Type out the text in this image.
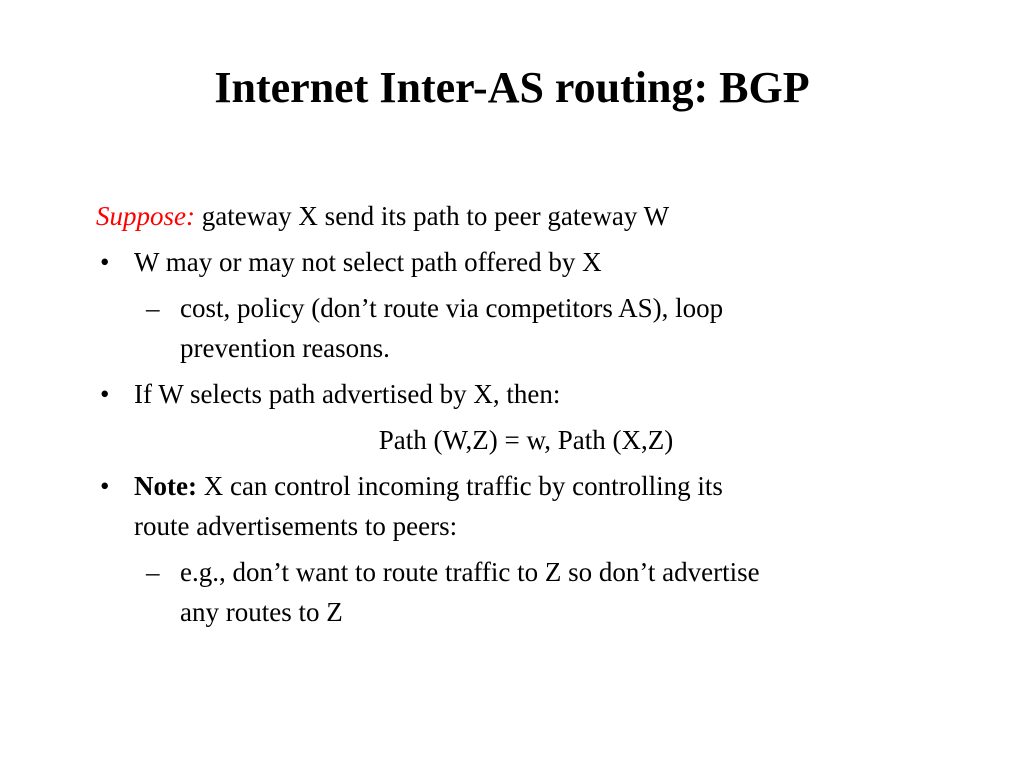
Internet Inter-AS routing: BGP
Suppose: gateway X send its path to peer gateway W
• W may or may not select path offered by X
– cost, policy (don’t route via competitors AS), loop
prevention reasons.
• If W selects path advertised by X, then:
Path (W,Z) = w, Path (X,Z)
• Note: X can control incoming traffic by controlling its
route advertisements to peers:
– e.g., don’t want to route traffic to Z so don’t advertise
any routes to Z
